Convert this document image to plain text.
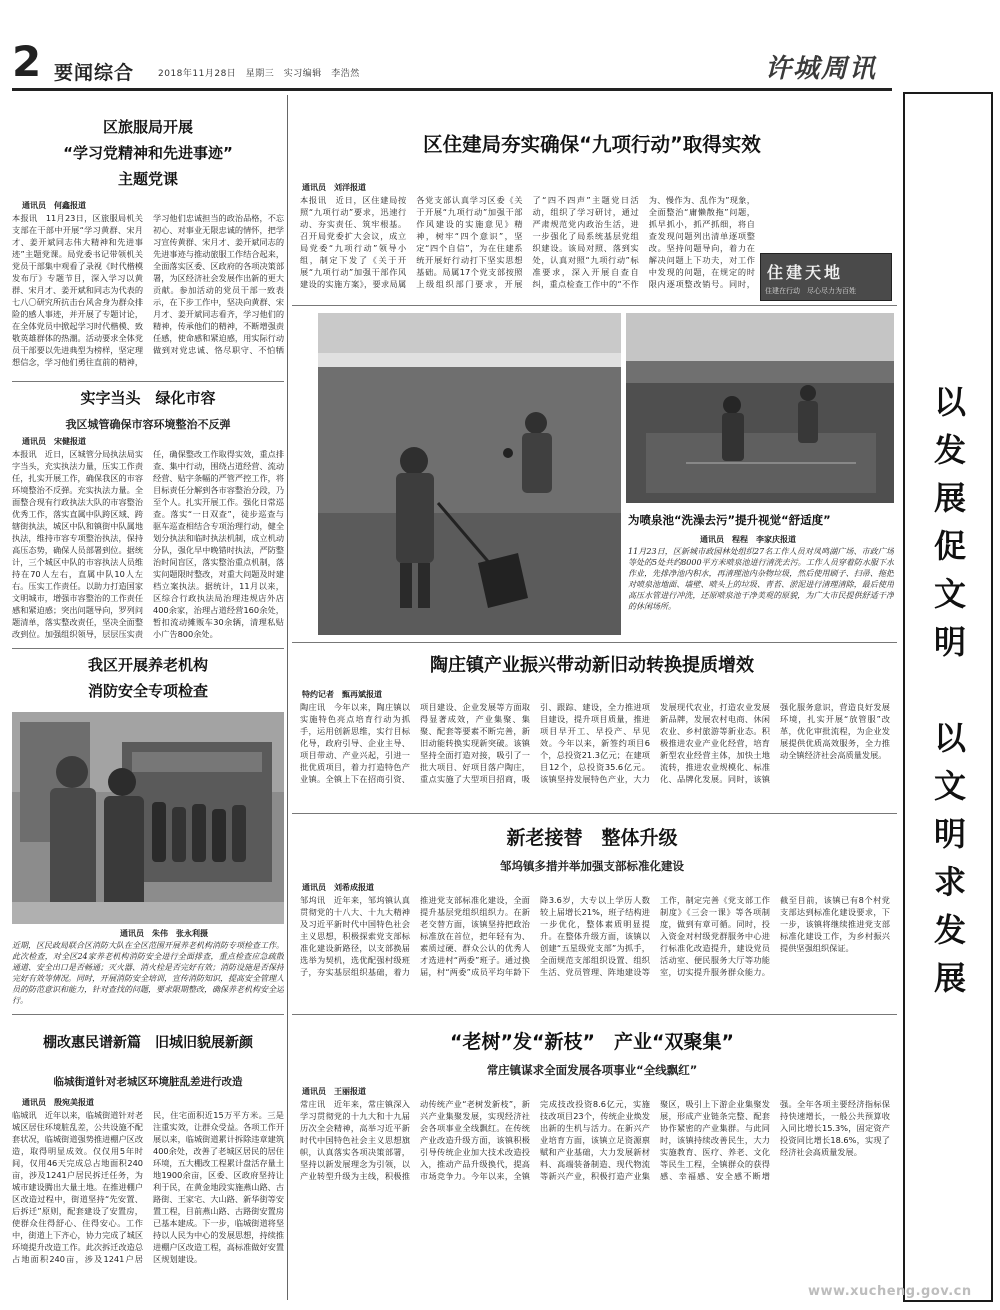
2 要闻综合	2018年11月28日　星期三　实习编辑　李浩然	许城周讯
以发展促文明　以文明求发展
区旅服局开展
“学习党精神和先进事迹”
主题党课
通讯员　何鑫报道
本报讯　11月23日，区旅服局机关支部在干部中开展“学习黄群、宋月才、姜开斌同志伟大精神和先进事迹”主题党课。局党委书记带领机关党员干部集中观看了录视《时代楷模发布厅》专题节目，深入学习以黄群、宋月才、姜开斌和同志为代表的七八〇研究所抗击台风舍身为群众排险的感人事迹，并开展了专题讨论，在全体党员中掀起学习时代楷模、致敬英雄群体的热潮。活动要求全体党员干部要以先进典型为榜样，坚定理想信念，学习他们勇往直前的精神，学习他们忠诚担当的政治品格，不忘初心、对事业无限忠诚的情怀，把学习宣传黄群、宋月才、姜开斌同志的先进事迹与推动旅服工作结合起来，全面落实区委、区政府的各项决策部署，为区经济社会发展作出新的更大贡献。参加活动的党员干部一致表示，在下步工作中，坚决向黄群、宋月才、姜开斌同志看齐，学习他们的精神，传承他们的精神，不断增强责任感，使命感和紧迫感，用实际行动做到对党忠诚、恪尽职守、不怕牺
实字当头　绿化市容
我区城管确保市容环境整治不反弹
通讯员　宋健报道
本报讯　近日，区城管分局执法局实字当头，充实执法力量，压实工作责任，扎实开展工作，确保我区的市容环境整治不反弹。充实执法力量。全面整合现有行政执法大队的市容整治优秀工作，落实直属中队跨区域、跨辖街执法，城区中队和镇街中队属地执法，维持市容专项整治执法，保持高压态势，确保人员部署到位。据统计，三个城区中队的市容执法人员维持在70人左右，直属中队10人左右。压实工作责任。以助力打造国家文明城市，增强市容整治的工作责任感和紧迫感；突出问题导向，罗列问题清单，落实整改责任，坚决全面整改到位。加强组织领导，层层压实责任，确保整改工作取得实效，重点排查、集中行动，围绕占道经营、流动经营、贴字条幅的严管严控工作，将目标责任分解到各市容整治分段，乃至个人。扎实开展工作。强化日常巡查。落实“一日双查”，徒步巡查与驱车巡查相结合专项治理行动，健全划分执法和临时执法机制，成立机动分队，强化早中晚错时执法，严防整治时间盲区，落实整治重点机制，落实问题限时整改，对重大问题及时建档立案执法。据统计，11月以来，区综合行政执法局治理违规店外店400余家，治理占道经营160余处，暂扣流动摊贩车30余辆，清理私贴小广告800余处。
我区开展养老机构
消防安全专项检查
通讯员　朱伟　张永利摄
近期，区民政局联合区消防大队在全区范围开展养老机构消防专项检查工作。此次检查，对全区24家养老机构消防安全进行全面排查，重点检查应急疏散通道、安全出口是否畅通；灭火器、消火栓是否完好有效；消防设施是否保持完好有效等情况。同时，开展消防安全培训，宣传消防知识，提高安全管理人员的防范意识和能力，针对查找的问题，要求限期整改，确保养老机构安全运行。
棚改惠民谱新篇　旧城旧貌展新颜
临城街道针对老城区环境脏乱差进行改造
通讯员　殷宛美报道
临城讯　近年以来，临城街道针对老城区居住环境脏乱差，公共设施不配套状况，临城街道强势推进棚户区改造，取得明显成效。仅仅用5年时间，仅用46天完成总占地面积240亩，涉及1241户居民拆迁任务，为城市建设腾出大量土地。在推进棚户区改造过程中，街道坚持“先安置、后拆迁”原则，配套建设了安置房，使群众住得舒心、住得安心。工作中，街道上下齐心，协力完成了城区环境提升改造工作。此次拆迁改造总占地面积240亩，涉及1241户居民，住宅面积近15万平方米。三是注重实效，让群众受益。各项工作开展以来，临城街道累计拆除违章建筑400余处，改善了老城区居民的居住环境，五大棚改工程累计盘活存量土地1900余亩，区委、区政府坚持让利于民，在黄金地段实施燕山路、古路街、王家宅、大山路、新华街等安置工程，目前燕山路、古路街安置房已基本建成。下一步，临城街道将坚持以人民为中心的发展思想，持续推进棚户区改造工程，高标准做好安置区规划建设。
区住建局夯实确保“九项行动”取得实效
通讯员　刘洋报道
本报讯　近日，区住建局按照“九项行动”要求，迅速行动、夯实责任、筑牢根基。召开局党委扩大会议，成立局党委“九项行动”领导小组，制定下发了《关于开展“九项行动”加强干部作风建设的实施方案》，要求局属各党支部认真学习区委《关于开展“九项行动”加强干部作风建设的实施意见》精神，树牢“四个意识”，坚定“四个自信”，为在住建系统开展好行动打下坚实思想基础。局属17个党支部按照上级组织部门要求，开展了“四不四声”主题党日活动，组织了学习研讨，通过严肃规范党内政治生活，进一步强化了局系统基层党组织建设。该局对照、落到实处，认真对照“九项行动”标准要求，深入开展自查自纠，重点检查工作中的“不作为、慢作为、乱作为”现象，全面整治“庸懒散拖”问题，抓早抓小，抓严抓细，将自查发现问题列出清单逐项整改。坚持问题导向，着力在解决问题上下功夫，对工作中发现的问题，在规定的时限内逐项整改销号。同时，
住建天地
住建在行动　尽心尽力为百姓
为喷泉池“洗澡去污”提升视觉“舒适度”
通讯员　程程　李家庆报道
11月23日，区新城市政园林处组织27名工作人员对凤鸣湖广场、市政广场等处的5处共约8000平方米喷泉池进行清洗去污。工作人员穿着防水服下水作业，先排净池内积水，再清理池内杂物垃圾，然后使用刷子、扫帚、拖把对喷泉池地面、墙壁、喷头上的垃圾、青苔、淤泥进行清理清除，最后使用高压水管进行冲洗，还原喷泉池干净美观的原貌，为广大市民提供舒适干净的休闲场所。
陶庄镇产业振兴带动新旧动转换提质增效
特约记者　甄再斌报道
陶庄讯　今年以来，陶庄镇以实施特色亮点培育行动为抓手，运用创新思维，实行目标化导，政府引导、企业主导、项目带动、产业兴起，引进一批优质项目，着力打造特色产业镇。全镇上下在招商引资、项目建设、企业发展等方面取得显著成效，产业集聚、集聚、配套等要素不断完善，新旧动能转换实现新突破。该镇坚持全面打造对接，吸引了一批大项目、好项目落户陶庄，重点实施了大型项目招商，吸引、跟踪、建设，全力推进项目建设，提升项目质量，推进项目早开工、早投产、早见效。今年以来，新签约项目6个，总投资21.3亿元；在建项目12个，总投资35.6亿元。该镇坚持发展特色产业，大力发展现代农业，打造农业发展新品牌，发展农村电商、休闲农业、乡村旅游等新业态。积极推进农业产业化经营，培育新型农业经营主体，加快土地流转，推进农业规模化、标准化、品牌化发展。同时，该镇强化服务意识，营造良好发展环境，扎实开展“放管服”改革，优化审批流程，为企业发展提供优质高效服务，全力推动全镇经济社会高质量发展。
新老接替　整体升级
邹坞镇多措并举加强支部标准化建设
通讯员　刘希成报道
邹坞讯　近年来，邹坞镇认真贯彻党的十八大、十九大精神及习近平新时代中国特色社会主义思想，积极探索党支部标准化建设新路径，以支部换届选举为契机，选优配强村级班子，夯实基层组织基础，着力推进党支部标准化建设，全面提升基层党组织组织力。在新老交替方面，该镇坚持把政治标准放在首位，把年轻有为、素质过硬、群众公认的优秀人才选进村“两委”班子。通过换届，村“两委”成员平均年龄下降3.6岁，大专以上学历人数较上届增长21%，班子结构进一步优化，整体素质明显提升。在整体升级方面，该镇以创建“五星级党支部”为抓手，全面规范支部组织设置、组织生活、党员管理、阵地建设等工作，制定完善《党支部工作制度》《三会一课》等各项制度，做到有章可循。同时，投入资金对村级党群服务中心进行标准化改造提升，建设党员活动室、便民服务大厅等功能室，切实提升服务群众能力。截至目前，该镇已有8个村党支部达到标准化建设要求，下一步，该镇将继续推进党支部标准化建设工作，为乡村振兴提供坚强组织保证。
“老树”发“新枝”　产业“双聚集”
常庄镇谋求全面发展各项事业“全线飘红”
通讯员　王丽报道
常庄讯　近年来，常庄镇深入学习贯彻党的十九大和十九届历次全会精神，高举习近平新时代中国特色社会主义思想旗帜，认真落实各项决策部署，坚持以新发展理念为引领，以产业转型升级为主线，积极推动传统产业“老树发新枝”，新兴产业集聚发展，实现经济社会各项事业全线飘红。在传统产业改造升级方面，该镇积极引导传统企业加大技术改造投入，推动产品升级换代，提高市场竞争力。今年以来，全镇完成技改投资8.6亿元，实施技改项目23个，传统企业焕发出新的生机与活力。在新兴产业培育方面，该镇立足资源禀赋和产业基础，大力发展新材料、高端装备制造、现代物流等新兴产业，积极打造产业集聚区，吸引上下游企业集聚发展，形成产业链条完整、配套协作紧密的产业集群。与此同时，该镇持续改善民生，大力实施教育、医疗、养老、文化等民生工程，全镇群众的获得感、幸福感、安全感不断增强。全年各项主要经济指标保持快速增长，一般公共预算收入同比增长15.3%，固定资产投资同比增长18.6%，实现了经济社会高质量发展。
www.xucheng.gov.cn
